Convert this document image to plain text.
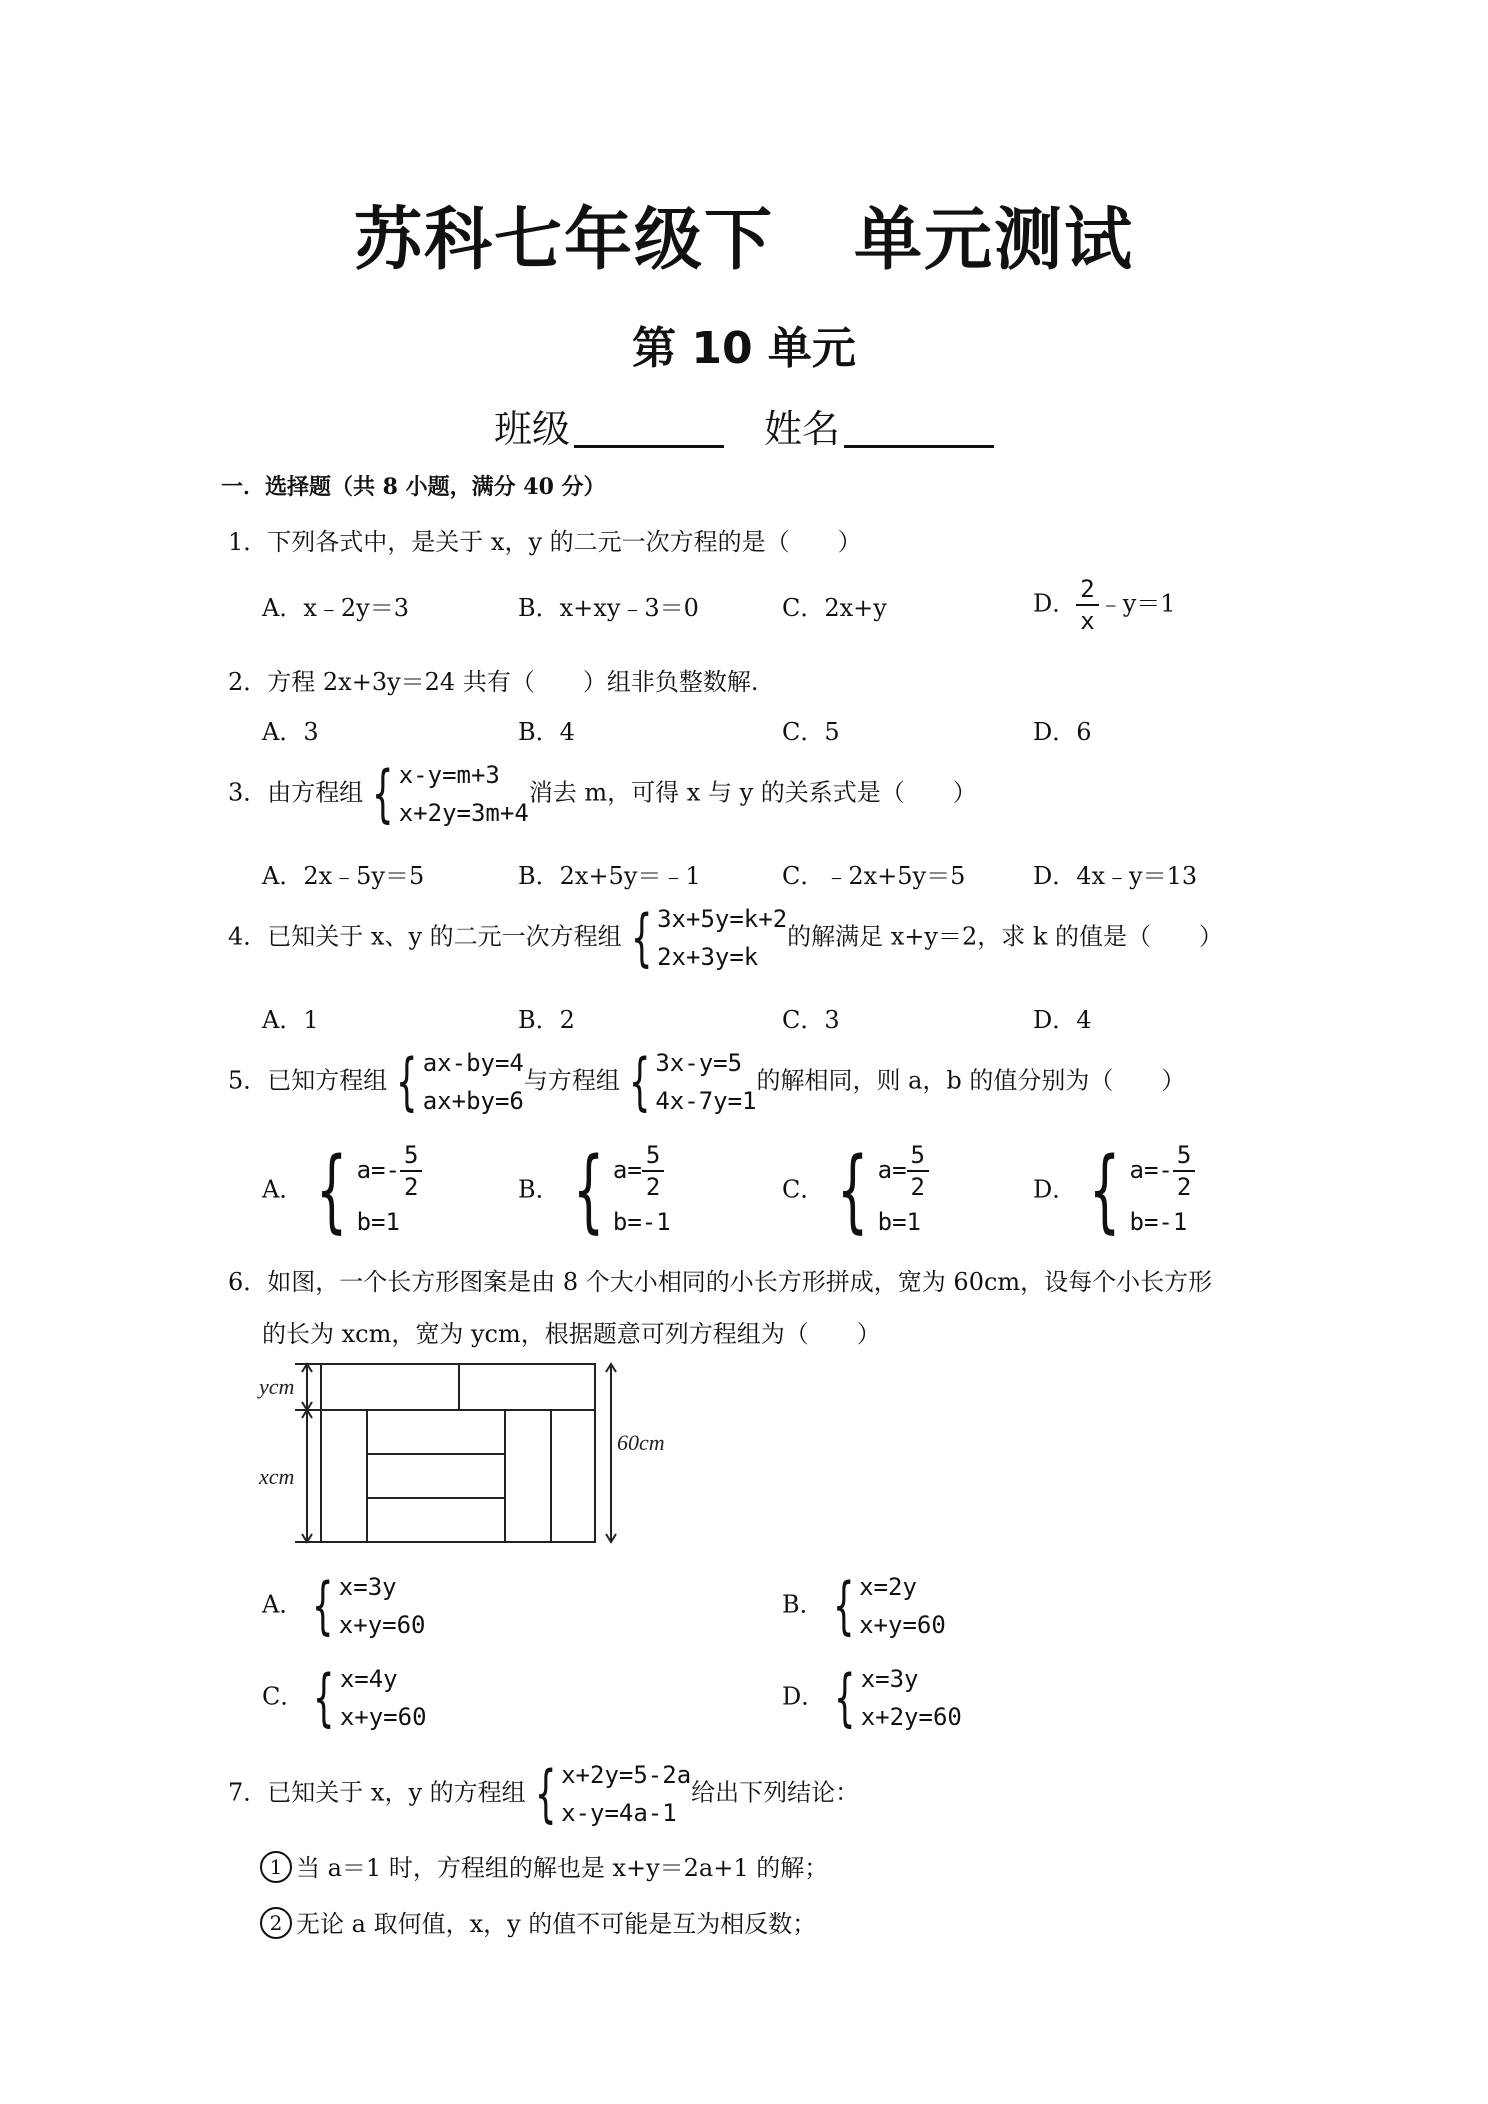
苏科七年级下 单元测试
第 10 单元
班级	姓名
一．选择题（共 8 小题，满分 40 分）
1．下列各式中，是关于 x，y 的二元一次方程的是（　　）
A．x﹣2y＝3	B．x+xy﹣3＝0	C．2x+y	D． $\frac{2}{x}$ ﹣y＝1
2．方程 2x+3y＝24 共有（　　）组非负整数解.
A．3	B．4	C．5	D．6
3．由方程组 { x-y=m+3
x+2y=3m+4
消去 m，可得 x 与 y 的关系式是（　　）
A．2x﹣5y＝5	B．2x+5y＝﹣1	C．﹣2x+5y＝5	D．4x﹣y＝13
4．已知关于 x、y 的二元一次方程组 { 3x+5y=k+2
2x+3y=k
的解满足 x+y＝2，求 k 的值是（　　）
A．1	B．2	C．3	D．4
5．已知方程组 { ax-by=4
ax+by=6
与方程组 { 3x-y=5
4x-7y=1
的解相同，则 a，b 的值分别为（　　）
A． { $a=- \frac{5}{2}$
b=1
B． { $a= \frac{5}{2}$
b=-1
C． { $a= \frac{5}{2}$
b=1
D． { $a=- \frac{5}{2}$
b=-1
6．如图，一个长方形图案是由 8 个大小相同的小长方形拼成，宽为 60cm，设每个小长方形
的长为 xcm，宽为 ycm，根据题意可列方程组为（　　）
ycm
xcm
60cm
A． { x=3y
x+y=60
B． { x=2y
x+y=60
C． { x=4y
x+y=60
D． { x=3y
x+2y=60
7．已知关于 x，y 的方程组 { x+2y=5-2a
x-y=4a-1
给出下列结论：
1 当 a＝1 时，方程组的解也是 x+y＝2a+1 的解；
2 无论 a 取何值，x，y 的值不可能是互为相反数；
